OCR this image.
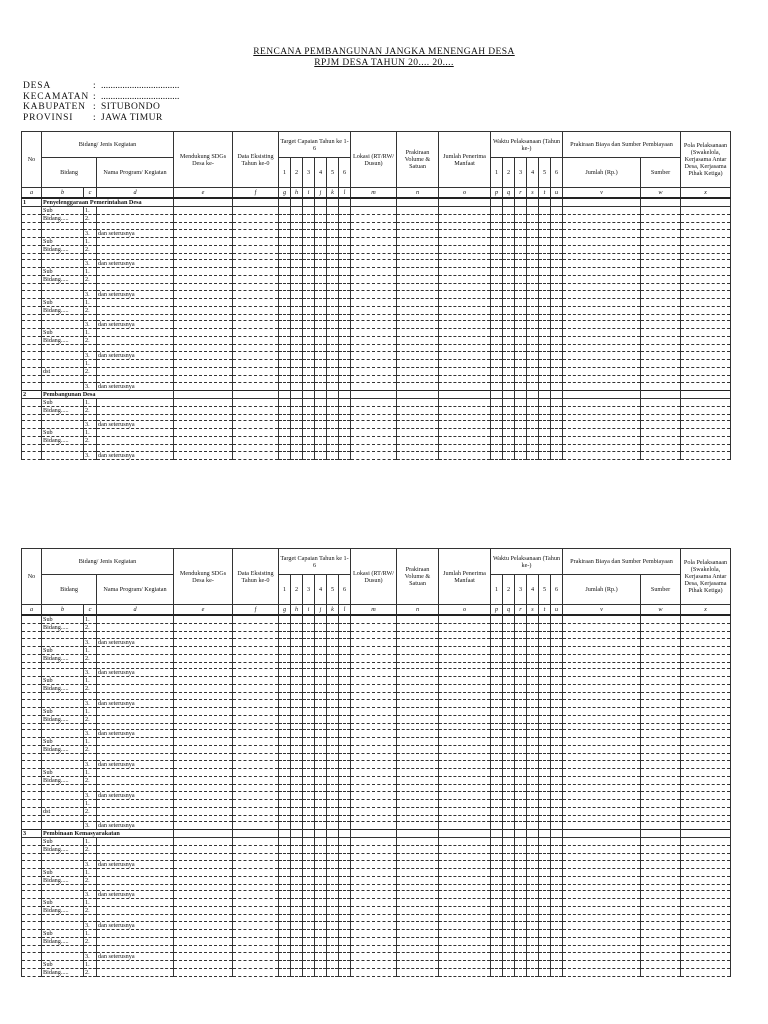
RENCANA PEMBANGUNAN JANGKA MENENGAH DESA
RPJM DESA TAHUN 20.... 20....
DESA	: .................................
KECAMATAN : .................................
KABUPATEN : SITUBONDO
PROVINSI	: JAWA TIMUR
No	Bidang/ Jenis Kegiatan			Mendukung SDGs Desa ke-	Data Eksisting Tahun ke-0	Target Capaian Tahun ke 1-6						Lokasi (RT/RW/ Dusun)	Prakiraan Volume & Satuan	Jumlah Penerima Manfaat	Waktu Pelaksanaan (Tahun ke-)						Prakiraan Biaya dan Sumber Pembiayaan		Pola Pelaksanaan (Swakelola, Kerjasama Antar Desa, Kerjasama Pihak Ketiga)
	Bidang		Nama Program/ Kegiatan			1	2	3	4	5	6				1	2	3	4	5	6	Jumlah (Rp.)	Sumber	
a	b	c	d	e	f	g	h	i	j	k	l	m	n	o	p	q	r	s	t	u	v	w	x
1	Penyelenggaraan Pemerintahan Desa																						
	Sub	1.																					
	Bidang.....	2.																					

		3.	dan seterusnya																				
	Sub	1.																					
	Bidang.....	2.																					

		3.	dan seterusnya																				
	Sub	1.																					
	Bidang.....	2.																					

		3.	dan seterusnya																				
	Sub	1.																					
	Bidang.....	2.																					

		3.	dan seterusnya																				
	Sub	1.																					
	Bidang.....	2.																					

		3.	dan seterusnya																				
		1.																					
	dst	2.																					

		3.	dan seterusnya																				
2	Pembangunan Desa																						
	Sub	1.																					
	Bidang.....	2.																					

		3.	dan seterusnya																				
	Sub	1.																					
	Bidang.....	2.																					

		3.	dan seterusnya																				
No	Bidang/ Jenis Kegiatan			Mendukung SDGs Desa ke-	Data Eksisting Tahun ke-0	Target Capaian Tahun ke 1-6						Lokasi (RT/RW/ Dusun)	Prakiraan Volume & Satuan	Jumlah Penerima Manfaat	Waktu Pelaksanaan (Tahun ke-)						Prakiraan Biaya dan Sumber Pembiayaan		Pola Pelaksanaan (Swakelola, Kerjasama Antar Desa, Kerjasama Pihak Ketiga)
	Bidang		Nama Program/ Kegiatan			1	2	3	4	5	6				1	2	3	4	5	6	Jumlah (Rp.)	Sumber	
a	b	c	d	e	f	g	h	i	j	k	l	m	n	o	p	q	r	s	t	u	v	w	x
	Sub	1.																					
	Bidang.....	2.																					

		3.	dan seterusnya																				
	Sub	1.																					
	Bidang.....	2.																					

		3.	dan seterusnya																				
	Sub	1.																					
	Bidang.....	2.																					

		3.	dan seterusnya																				
	Sub	1.																					
	Bidang.....	2.																					

		3.	dan seterusnya																				
	Sub	1.																					
	Bidang.....	2.																					

		3.	dan seterusnya																				
	Sub	1.																					
	Bidang.....	2.																					

		3.	dan seterusnya																				
		1.																					
	dst	2.																					

		3.	dan seterusnya																				
3	Pembinaan Kemasyarakatan																						
	Sub	1.																					
	Bidang.....	2.																					

		3.	dan seterusnya																				
	Sub	1.																					
	Bidang.....	2.																					

		3.	dan seterusnya																				
	Sub	1.																					
	Bidang.....	2.																					

		3.	dan seterusnya																				
	Sub	1.																					
	Bidang.....	2.																					

		3.	dan seterusnya																				
	Sub	1.																					
	Bidang.....	2.																					
